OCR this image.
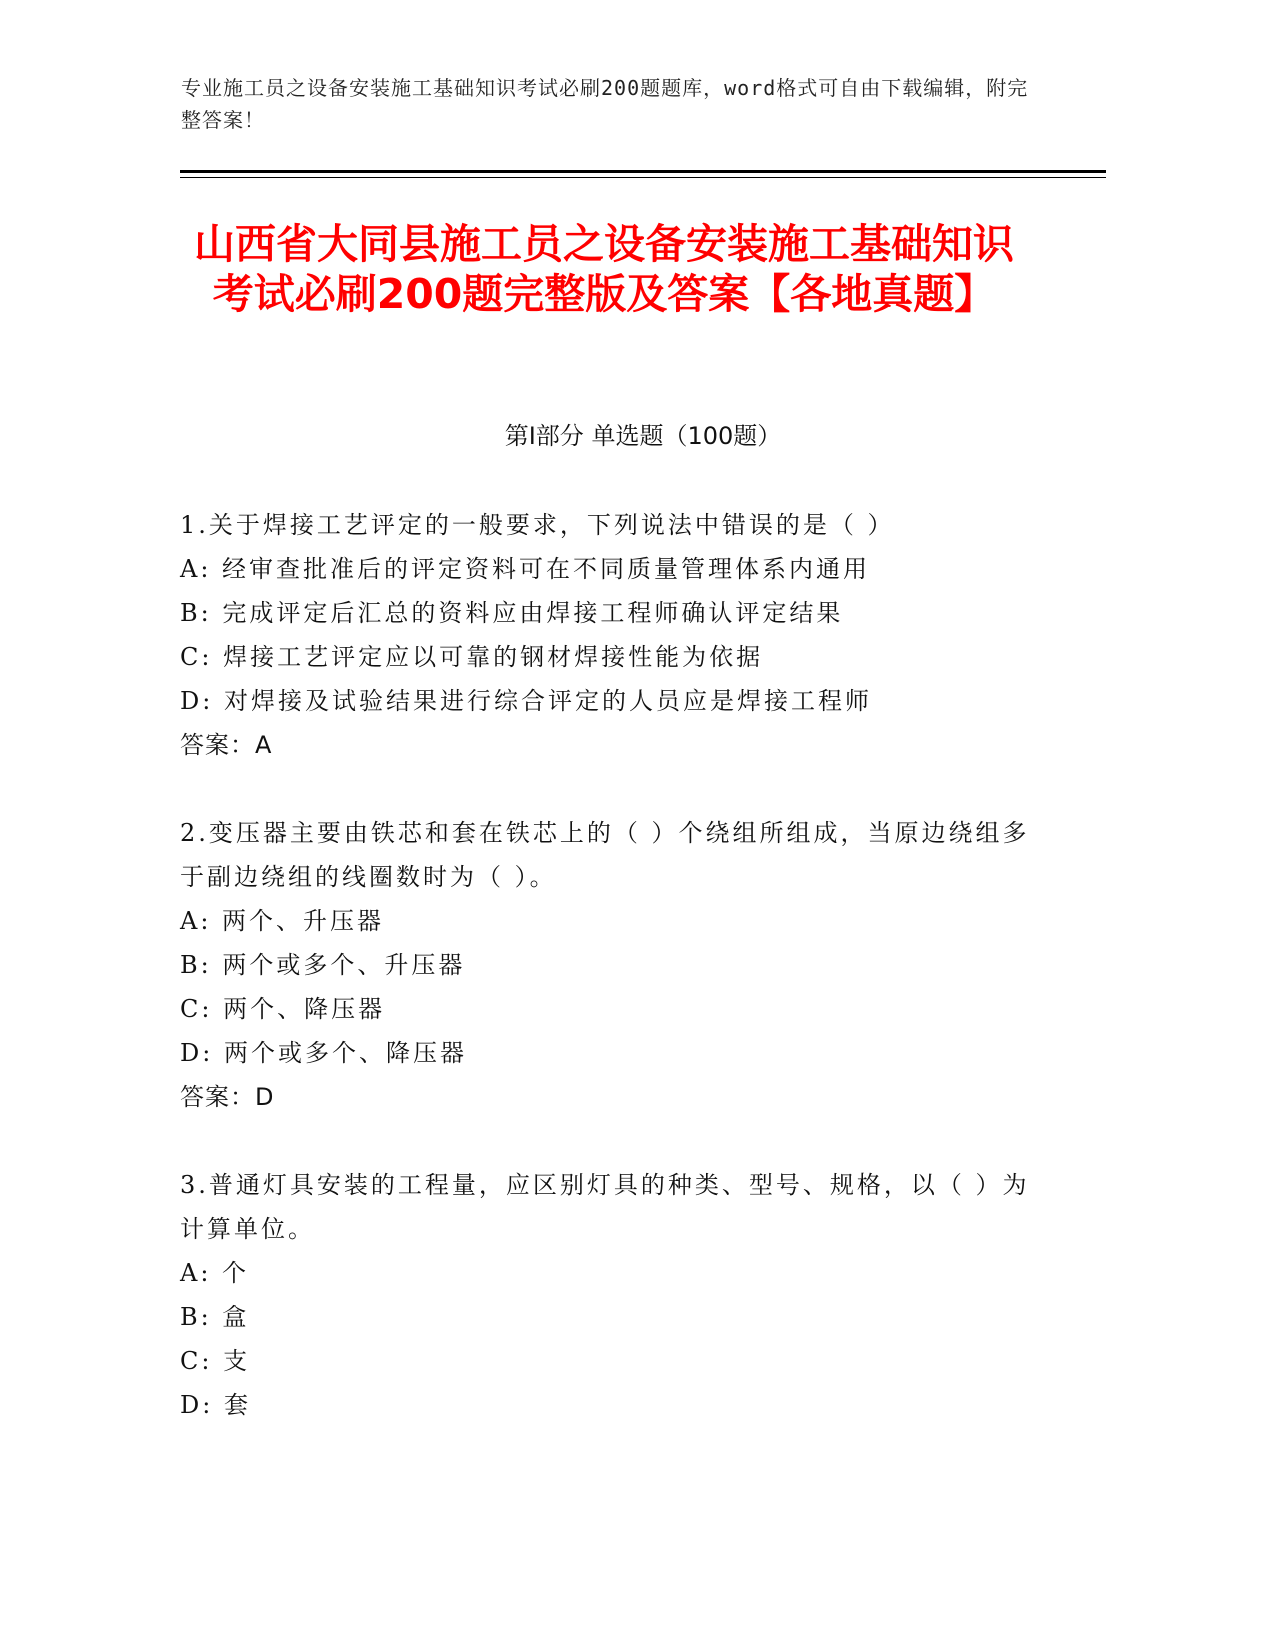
专业施工员之设备安装施工基础知识考试必刷200题题库，word格式可自由下载编辑，附完整答案！
山西省大同县施工员之设备安装施工基础知识考试必刷200题完整版及答案【各地真题】
第I部分 单选题（100题）
1.关于焊接工艺评定的一般要求，下列说法中错误的是（ ）
A: 经审查批准后的评定资料可在不同质量管理体系内通用
B: 完成评定后汇总的资料应由焊接工程师确认评定结果
C: 焊接工艺评定应以可靠的钢材焊接性能为依据
D: 对焊接及试验结果进行综合评定的人员应是焊接工程师
答案：A
2.变压器主要由铁芯和套在铁芯上的（ ）个绕组所组成，当原边绕组多于副边绕组的线圈数时为（ ）。
A: 两个、升压器
B: 两个或多个、升压器
C: 两个、降压器
D: 两个或多个、降压器
答案：D
3.普通灯具安装的工程量，应区别灯具的种类、型号、规格，以（ ）为计算单位。
A: 个
B: 盒
C: 支
D: 套
